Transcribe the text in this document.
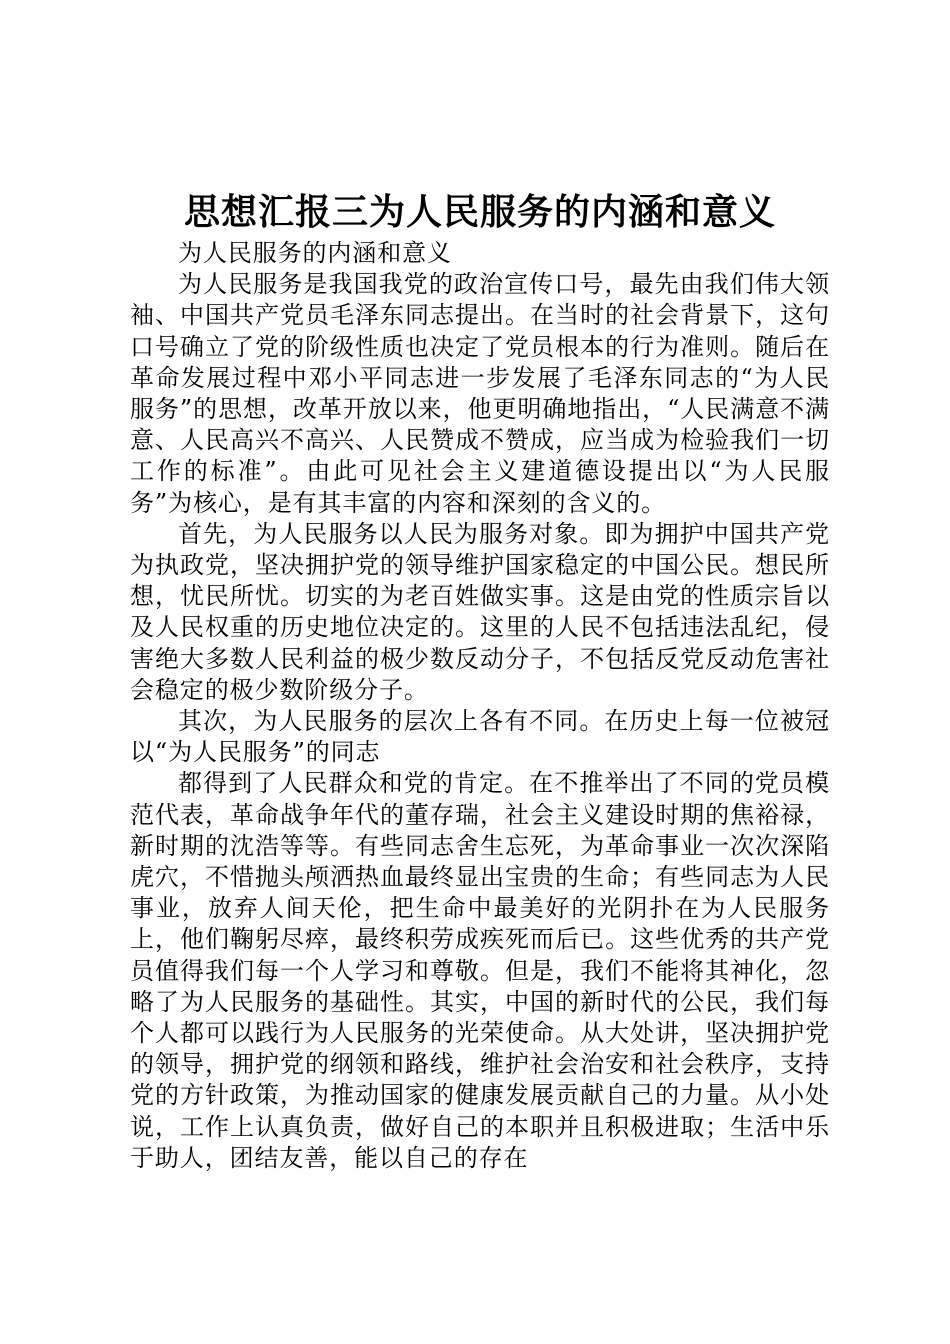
思想汇报三为人民服务的内涵和意义

为人民服务的内涵和意义

为人民服务是我国我党的政治宣传口号，最先由我们伟大领袖、中国共产党员毛泽东同志提出。在当时的社会背景下，这句口号确立了党的阶级性质也决定了党员根本的行为准则。随后在革命发展过程中邓小平同志进一步发展了毛泽东同志的“为人民服务”的思想，改革开放以来，他更明确地指出，“人民满意不满意、人民高兴不高兴、人民赞成不赞成，应当成为检验我们一切工作的标准”。由此可见社会主义建道德设提出以“为人民服务”为核心，是有其丰富的内容和深刻的含义的。

首先，为人民服务以人民为服务对象。即为拥护中国共产党为执政党，坚决拥护党的领导维护国家稳定的中国公民。想民所想，忧民所忧。切实的为老百姓做实事。这是由党的性质宗旨以及人民权重的历史地位决定的。这里的人民不包括违法乱纪，侵害绝大多数人民利益的极少数反动分子，不包括反党反动危害社会稳定的极少数阶级分子。

其次，为人民服务的层次上各有不同。在历史上每一位被冠以“为人民服务”的同志

都得到了人民群众和党的肯定。在不推举出了不同的党员模范代表，革命战争年代的董存瑞，社会主义建设时期的焦裕禄，新时期的沈浩等等。有些同志舍生忘死，为革命事业一次次深陷虎穴，不惜抛头颅洒热血最终显出宝贵的生命；有些同志为人民事业，放弃人间天伦，把生命中最美好的光阴扑在为人民服务上，他们鞠躬尽瘁，最终积劳成疾死而后已。这些优秀的共产党员值得我们每一个人学习和尊敬。但是，我们不能将其神化，忽略了为人民服务的基础性。其实，中国的新时代的公民，我们每个人都可以践行为人民服务的光荣使命。从大处讲，坚决拥护党的领导，拥护党的纲领和路线，维护社会治安和社会秩序，支持党的方针政策，为推动国家的健康发展贡献自己的力量。从小处说，工作上认真负责，做好自己的本职并且积极进取；生活中乐于助人，团结友善，能以自己的存在
